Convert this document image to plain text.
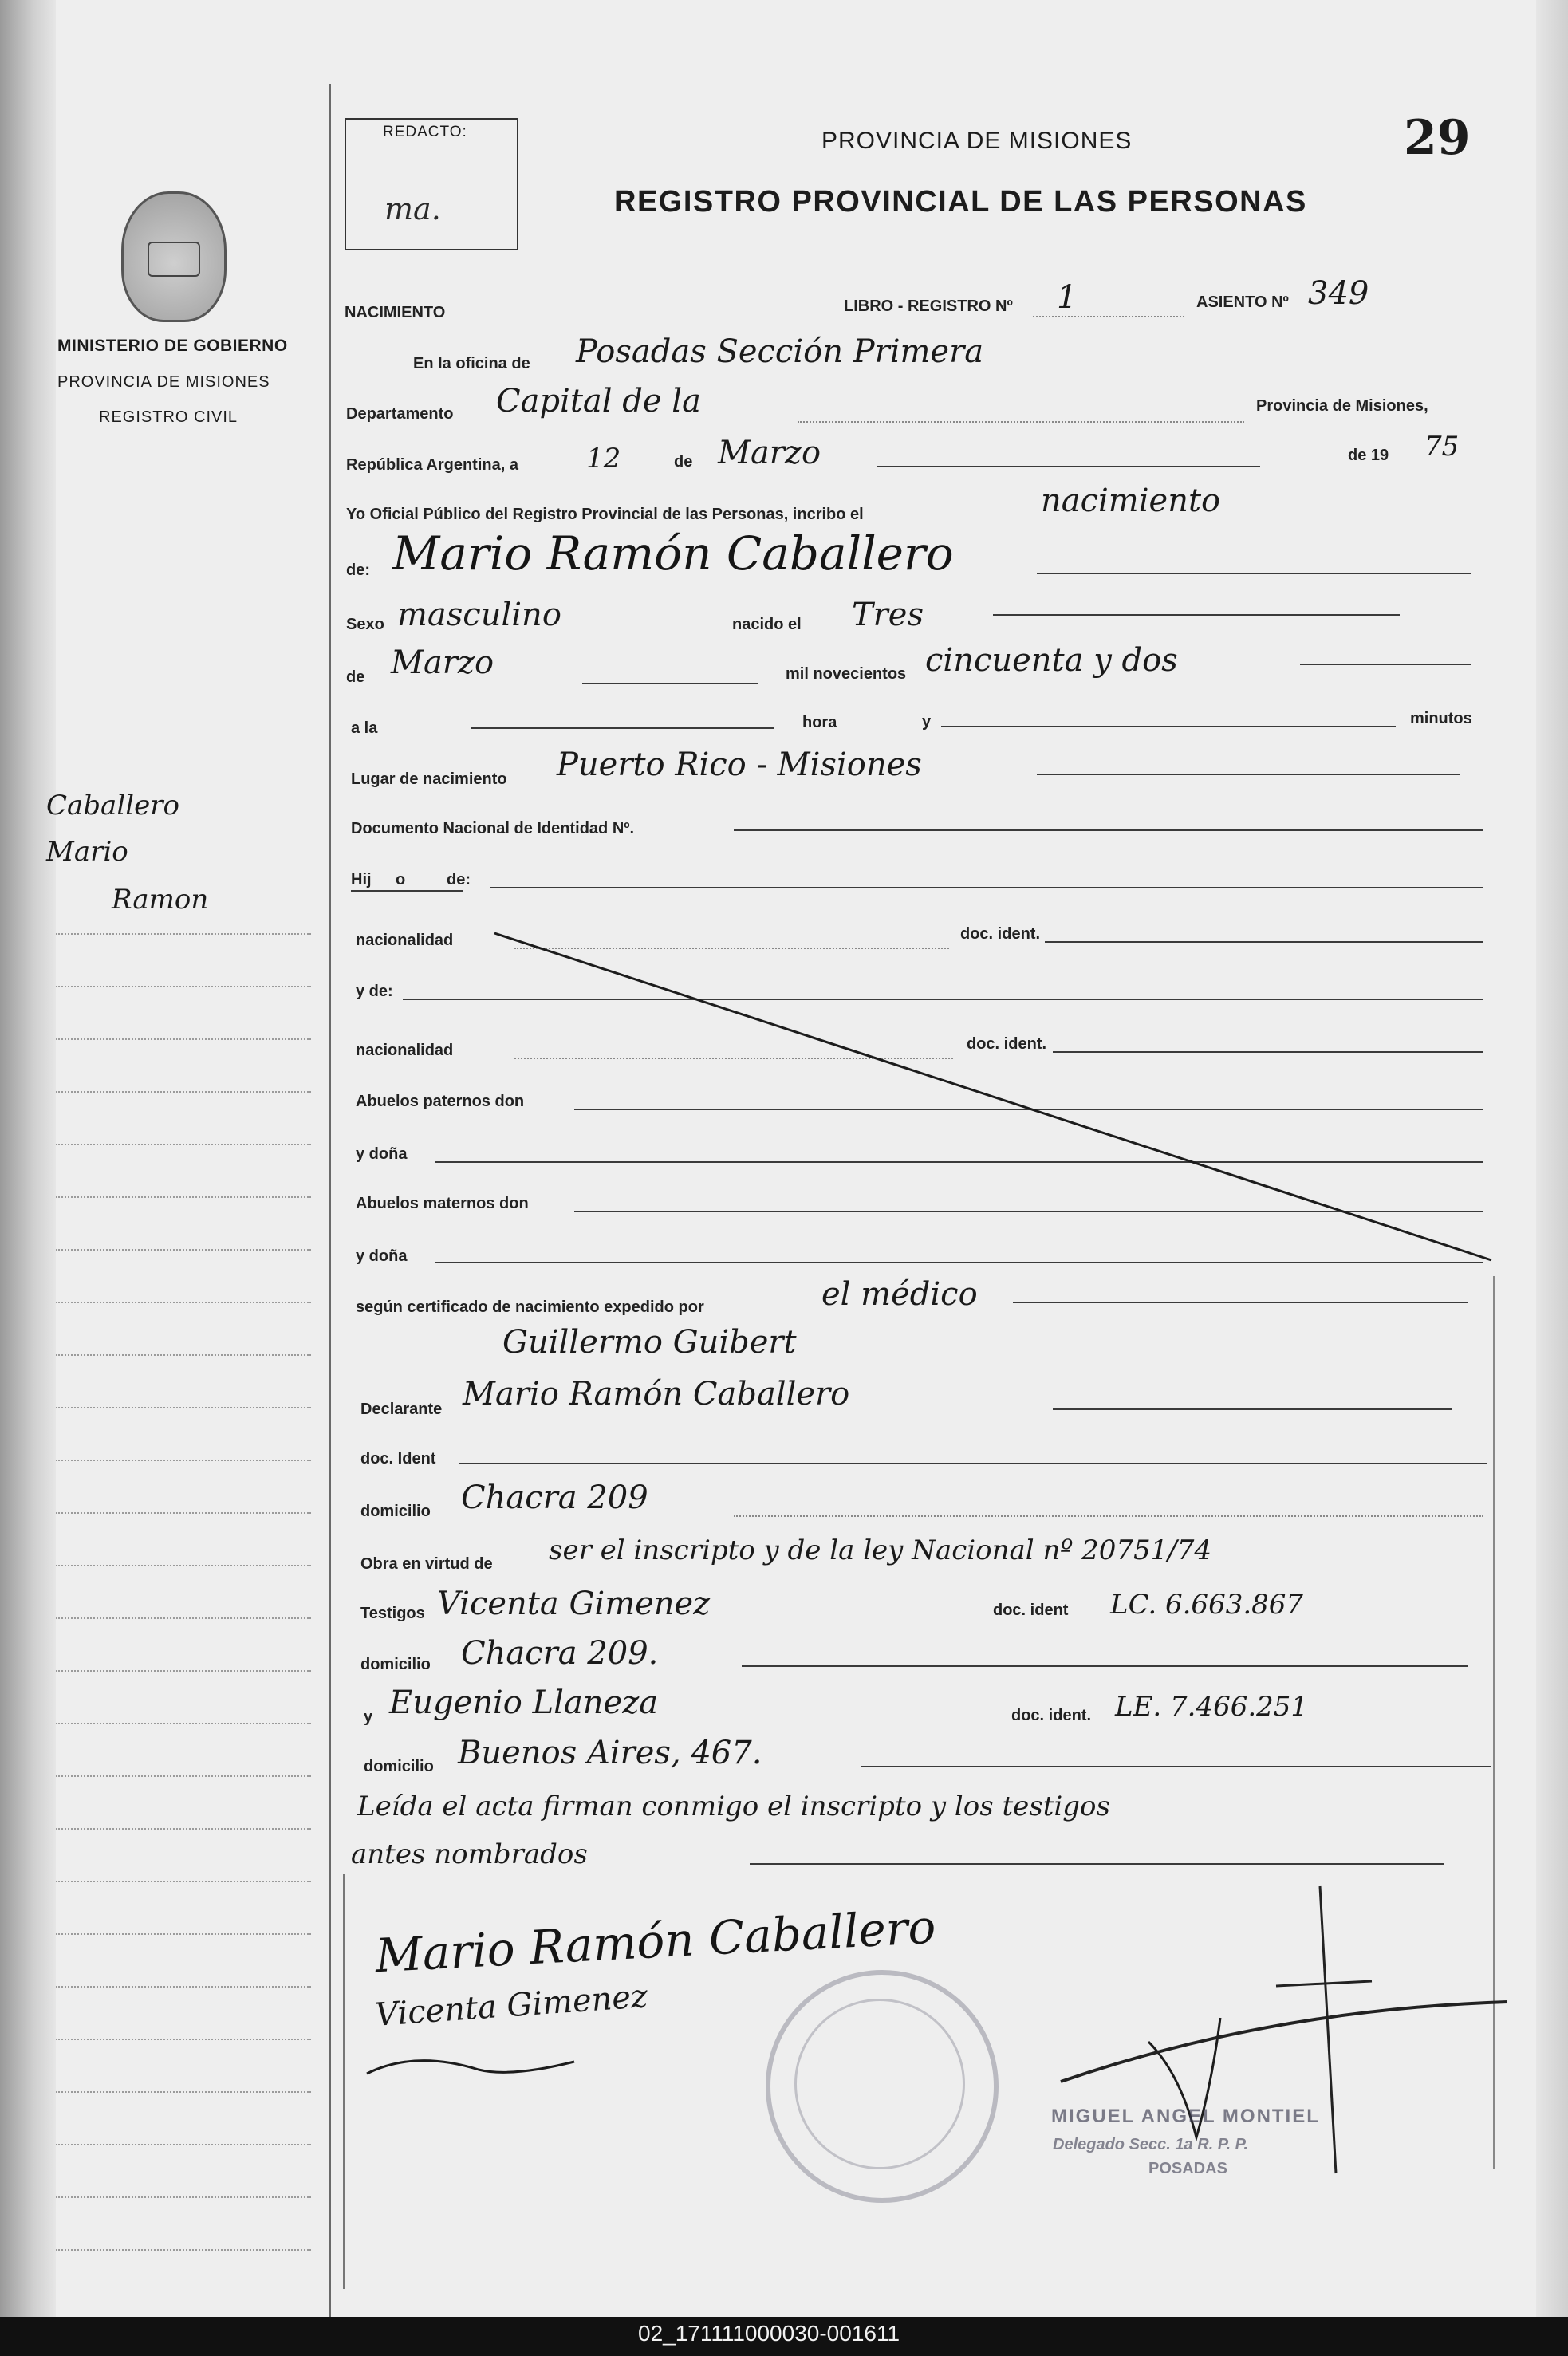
REDACTO:
ma.
PROVINCIA DE MISIONES
REGISTRO PROVINCIAL DE LAS PERSONAS
29
MINISTERIO DE GOBIERNO
PROVINCIA DE MISIONES
REGISTRO CIVIL
Caballero
Mario
Ramon
NACIMIENTO	LIBRO - REGISTRO Nº 1	ASIENTO Nº 349
En la oficina de Posadas Sección Primera
Departamento Capital de la	Provincia de Misiones,
República Argentina, a	12	de Marzo	de 19 75
Yo Oficial Público del Registro Provincial de las Personas, incribo el	nacimiento
de: Mario Ramón Caballero
Sexo masculino	nacido el Tres
de Marzo	mil novecientos cincuenta y dos
a la	hora	y	minutos
Lugar de nacimiento Puerto Rico - Misiones
Documento Nacional de Identidad Nº.
Hij o	de:
nacionalidad	doc. ident.
y de:
nacionalidad	doc. ident.
Abuelos paternos don
y doña
Abuelos maternos don
y doña
según certificado de nacimiento expedido por	el médico
Guillermo Guibert
Declarante Mario Ramón Caballero
doc. Ident
domicilio Chacra 209
Obra en virtud de ser el inscripto y de la ley Nacional nº 20751/74
Testigos Vicenta Gimenez	doc. ident LC. 6.663.867
domicilio Chacra 209.
y Eugenio Llaneza	doc. ident. LE. 7.466.251
domicilio Buenos Aires, 467.
Leída el acta firman conmigo el inscripto y los testigos
antes nombrados
Mario Ramón Caballero
Vicenta Gimenez
MIGUEL ANGEL MONTIEL
Delegado Secc. 1a R. P. P.
POSADAS
02_171111000030-001611
